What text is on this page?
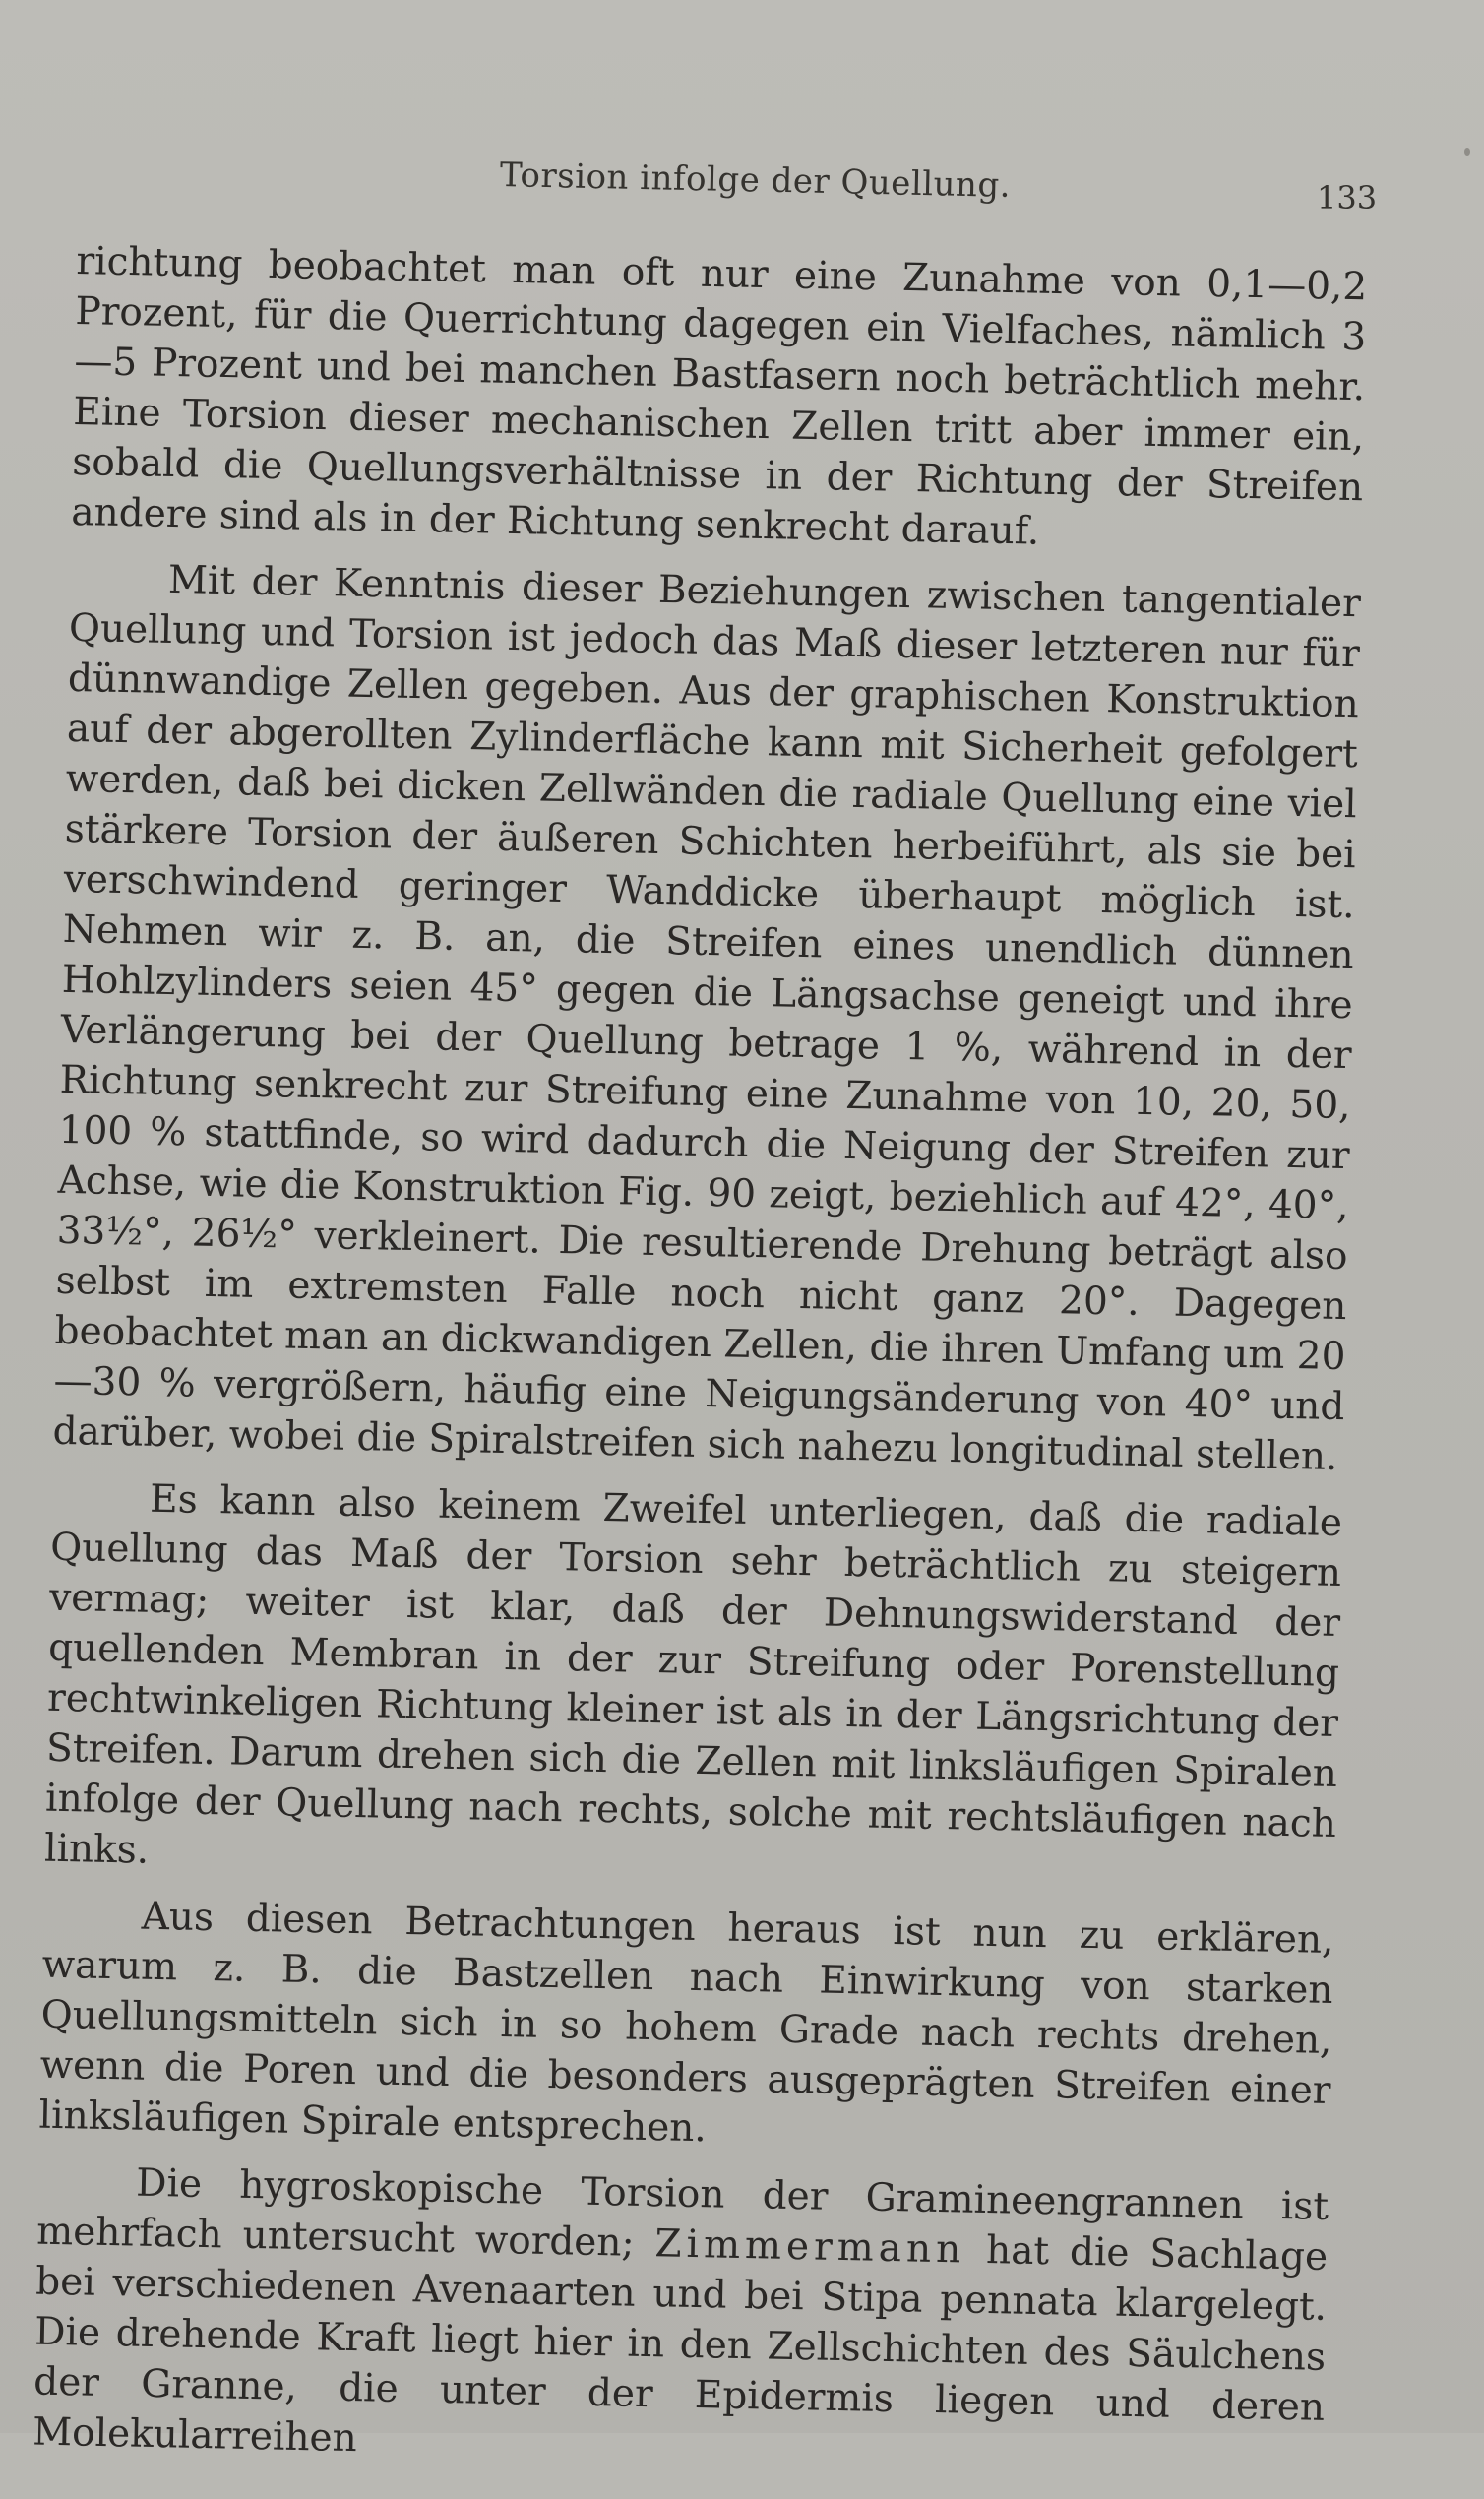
Torsion infolge der Quellung.	133

richtung beobachtet man oft nur eine Zunahme von 0,1—0,2 Prozent, für die Querrichtung dagegen ein Vielfaches, nämlich 3—5 Prozent und bei manchen Bastfasern noch beträchtlich mehr. Eine Torsion dieser mechanischen Zellen tritt aber immer ein, sobald die Quellungsverhältnisse in der Richtung der Streifen andere sind als in der Richtung senkrecht darauf.

Mit der Kenntnis dieser Beziehungen zwischen tangentialer Quellung und Torsion ist jedoch das Maß dieser letzteren nur für dünnwandige Zellen gegeben. Aus der graphischen Konstruktion auf der abgerollten Zylinderfläche kann mit Sicherheit gefolgert werden, daß bei dicken Zellwänden die radiale Quellung eine viel stärkere Torsion der äußeren Schichten herbeiführt, als sie bei verschwindend geringer Wanddicke überhaupt möglich ist. Nehmen wir z. B. an, die Streifen eines unendlich dünnen Hohlzylinders seien 45° gegen die Längsachse geneigt und ihre Verlängerung bei der Quellung betrage 1 %, während in der Richtung senkrecht zur Streifung eine Zunahme von 10, 20, 50, 100 % stattfinde, so wird dadurch die Neigung der Streifen zur Achse, wie die Konstruktion Fig. 90 zeigt, beziehlich auf 42°, 40°, 33½°, 26½° verkleinert. Die resultierende Drehung beträgt also selbst im extremsten Falle noch nicht ganz 20°. Dagegen beobachtet man an dickwandigen Zellen, die ihren Umfang um 20—30 % vergrößern, häufig eine Neigungsänderung von 40° und darüber, wobei die Spiralstreifen sich nahezu longitudinal stellen.

Es kann also keinem Zweifel unterliegen, daß die radiale Quellung das Maß der Torsion sehr beträchtlich zu steigern vermag; weiter ist klar, daß der Dehnungswiderstand der quellenden Membran in der zur Streifung oder Porenstellung rechtwinkeligen Richtung kleiner ist als in der Längsrichtung der Streifen. Darum drehen sich die Zellen mit linksläufigen Spiralen infolge der Quellung nach rechts, solche mit rechtsläufigen nach links.

Aus diesen Betrachtungen heraus ist nun zu erklären, warum z. B. die Bastzellen nach Einwirkung von starken Quellungsmitteln sich in so hohem Grade nach rechts drehen, wenn die Poren und die besonders ausgeprägten Streifen einer linksläufigen Spirale entsprechen.

Die hygroskopische Torsion der Gramineengrannen ist mehrfach untersucht worden; Zimmermann hat die Sachlage bei verschiedenen Avenaarten und bei Stipa pennata klargelegt. Die drehende Kraft liegt hier in den Zellschichten des Säulchens der Granne, die unter der Epidermis liegen und deren Molekularreihen
